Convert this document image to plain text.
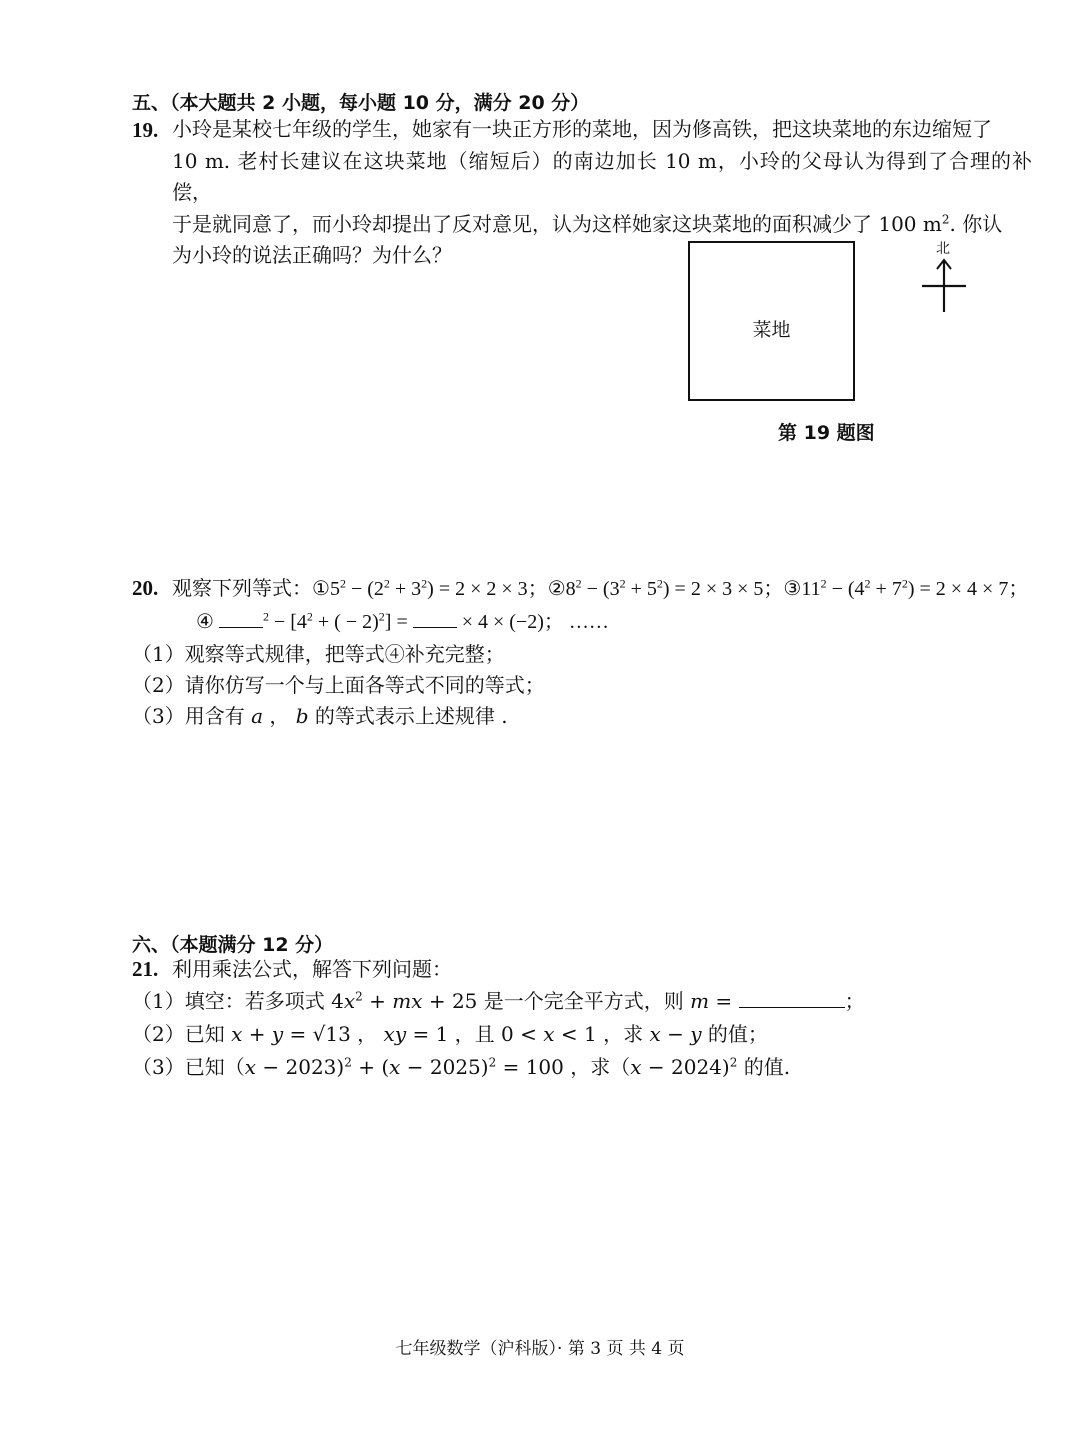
五、（本大题共 2 小题，每小题 10 分，满分 20 分）
19. 小玲是某校七年级的学生，她家有一块正方形的菜地，因为修高铁，把这块菜地的东边缩短了
10 m. 老村长建议在这块菜地（缩短后）的南边加长 10 m，小玲的父母认为得到了合理的补偿，
于是就同意了，而小玲却提出了反对意见，认为这样她家这块菜地的面积减少了 100 $m^2$. 你认
为小玲的说法正确吗？为什么？
菜地
北
第 19 题图
20. 观察下列等式：$①5^2 - (2^2 + 3^2) = 2 \times 2 \times 3$；$②8^2 - (3^2 + 5^2) = 2 \times 3 \times 5$；$③11^2 - (4^2 + 7^2) = 2 \times 4 \times 7$；
④	$^2 - [4^2$ + ( − 2)$^2$] =  × 4 × (−2)； ……
（1）观察等式规律，把等式④补充完整；
（2）请你仿写一个与上面各等式不同的等式；
（3）用含有 a ， b 的等式表示上述规律 .
六、（本题满分 12 分）
21. 利用乘法公式，解答下列问题：
（1）填空：若多项式 $4x^2$ + mx + 25 是一个完全平方式，则 m =	；
（2）已知 x + y = √13 ， xy = 1 ，且 0 < x < 1 ，求 x − y 的值；
（3）已知$(x - 2023)^2 + (x - 2025)^2 = 100$ ，求（x − 2024)$^2$ 的值.
七年级数学（沪科版）· 第 3 页 共 4 页
